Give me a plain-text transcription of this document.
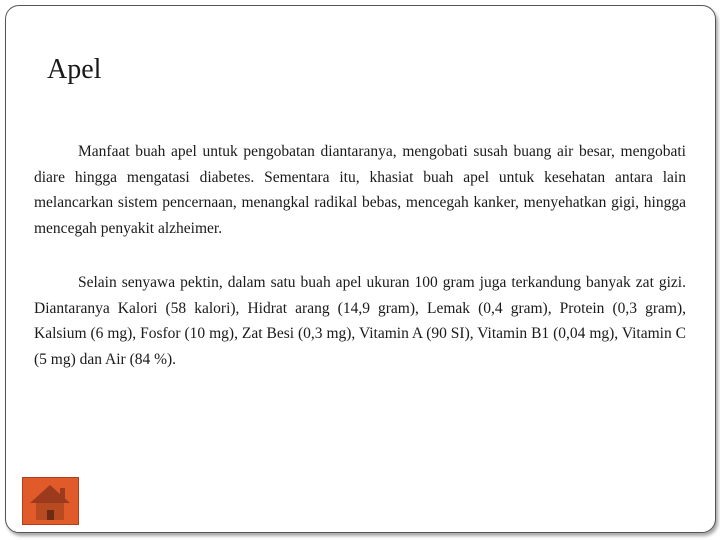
Apel

Manfaat buah apel untuk pengobatan diantaranya, mengobati susah buang air besar, mengobati diare hingga mengatasi diabetes. Sementara itu, khasiat buah apel untuk kesehatan antara lain melancarkan sistem pencernaan, menangkal radikal bebas, mencegah kanker, menyehatkan gigi, hingga mencegah penyakit alzheimer.

Selain senyawa pektin, dalam satu buah apel ukuran 100 gram juga terkandung banyak zat gizi. Diantaranya Kalori (58 kalori), Hidrat arang (14,9 gram), Lemak (0,4 gram), Protein (0,3 gram), Kalsium (6 mg), Fosfor (10 mg), Zat Besi (0,3 mg), Vitamin A (90 SI), Vitamin B1 (0,04 mg), Vitamin C (5 mg) dan Air (84 %).
